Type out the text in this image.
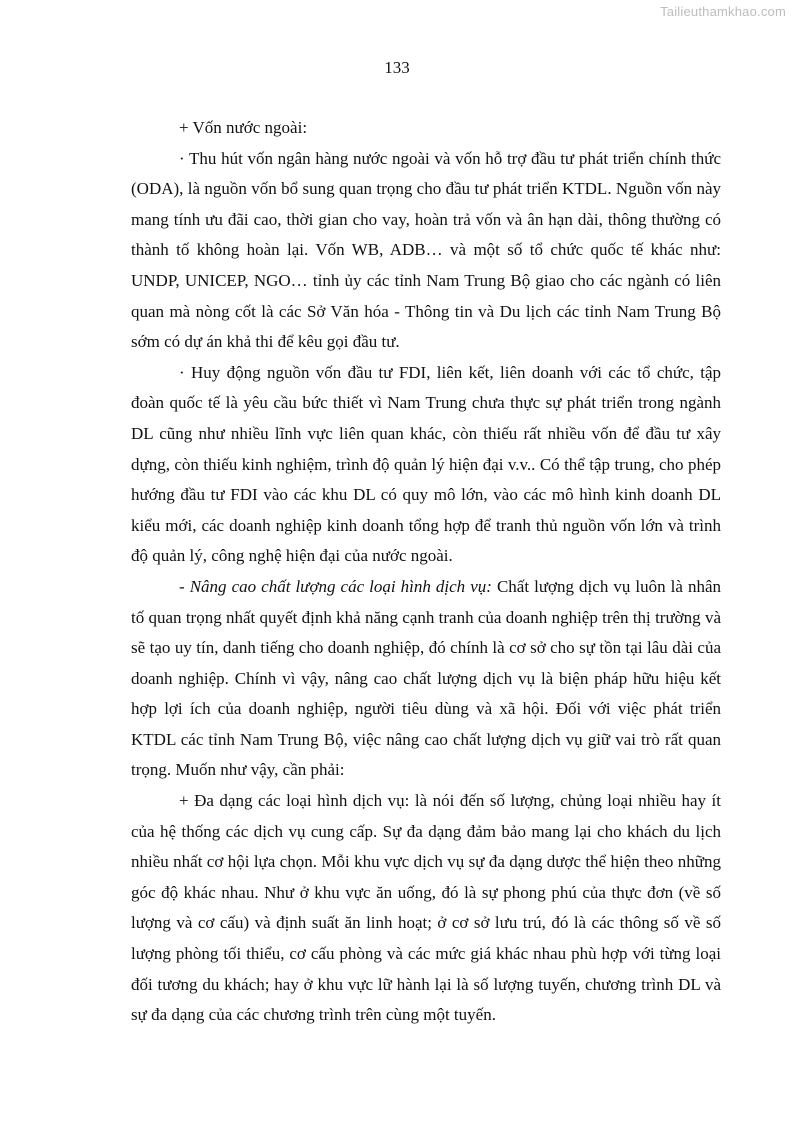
Tailieuthamkhao.com
133

+ Vốn nước ngoài:

· Thu hút vốn ngân hàng nước ngoài và vốn hỗ trợ đầu tư phát triển chính thức (ODA), là nguồn vốn bổ sung quan trọng cho đầu tư phát triển KTDL. Nguồn vốn này mang tính ưu đãi cao, thời gian cho vay, hoàn trả vốn và ân hạn dài, thông thường có thành tố không hoàn lại. Vốn WB, ADB… và một số tổ chức quốc tế khác như: UNDP, UNICEP, NGO… tỉnh ủy các tỉnh Nam Trung Bộ giao cho các ngành có liên quan mà nòng cốt là các Sở Văn hóa - Thông tin và Du lịch các tỉnh Nam Trung Bộ sớm có dự án khả thi để kêu gọi đầu tư.

· Huy động nguồn vốn đầu tư FDI, liên kết, liên doanh với các tổ chức, tập đoàn quốc tế là yêu cầu bức thiết vì Nam Trung chưa thực sự phát triển trong ngành DL cũng như nhiều lĩnh vực liên quan khác, còn thiếu rất nhiều vốn để đầu tư xây dựng, còn thiếu kinh nghiệm, trình độ quản lý hiện đại v.v.. Có thể tập trung, cho phép hướng đầu tư FDI vào các khu DL có quy mô lớn, vào các mô hình kinh doanh DL kiểu mới, các doanh nghiệp kinh doanh tổng hợp để tranh thủ nguồn vốn lớn và trình độ quản lý, công nghệ hiện đại của nước ngoài.

- Nâng cao chất lượng các loại hình dịch vụ: Chất lượng dịch vụ luôn là nhân tố quan trọng nhất quyết định khả năng cạnh tranh của doanh nghiệp trên thị trường và sẽ tạo uy tín, danh tiếng cho doanh nghiệp, đó chính là cơ sở cho sự tồn tại lâu dài của doanh nghiệp. Chính vì vậy, nâng cao chất lượng dịch vụ là biện pháp hữu hiệu kết hợp lợi ích của doanh nghiệp, người tiêu dùng và xã hội. Đối với việc phát triển KTDL các tỉnh Nam Trung Bộ, việc nâng cao chất lượng dịch vụ giữ vai trò rất quan trọng. Muốn như vậy, cần phải:

+ Đa dạng các loại hình dịch vụ: là nói đến số lượng, chủng loại nhiều hay ít của hệ thống các dịch vụ cung cấp. Sự đa dạng đảm bảo mang lại cho khách du lịch nhiều nhất cơ hội lựa chọn. Mỗi khu vực dịch vụ sự đa dạng dược thể hiện theo những góc độ khác nhau. Như ở khu vực ăn uống, đó là sự phong phú của thực đơn (về số lượng và cơ cấu) và định suất ăn linh hoạt; ở cơ sở lưu trú, đó là các thông số về số lượng phòng tối thiểu, cơ cấu phòng và các mức giá khác nhau phù hợp với từng loại đối tương du khách; hay ở khu vực lữ hành lại là số lượng tuyến, chương trình DL và sự đa dạng của các chương trình trên cùng một tuyến.
